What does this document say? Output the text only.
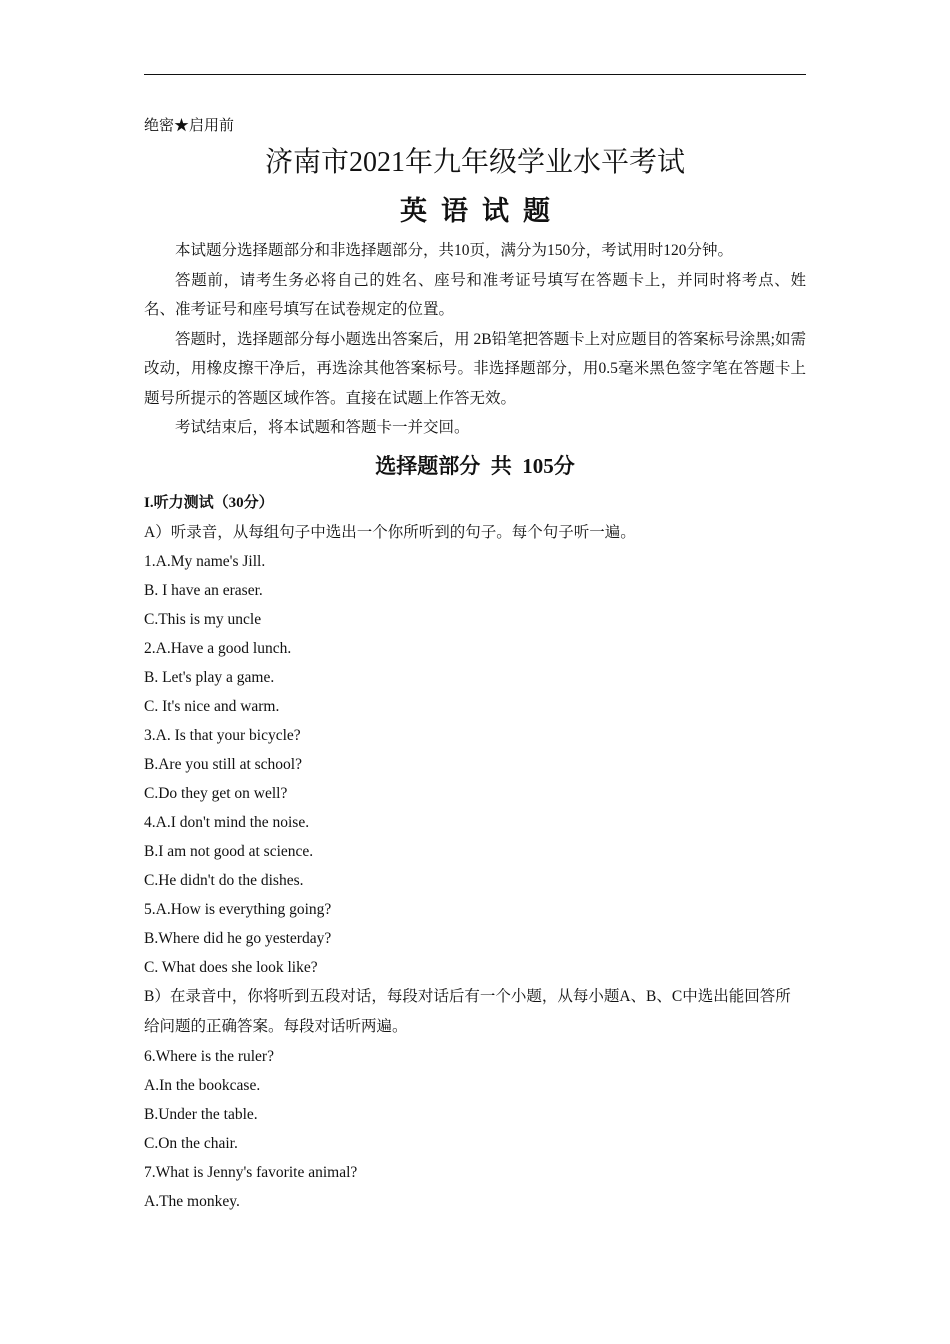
绝密★启用前
济南市2021年九年级学业水平考试
英语试题

本试题分选择题部分和非选择题部分，共10页，满分为150分，考试用时120分钟。

答题前，请考生务必将自己的姓名、座号和准考证号填写在答题卡上，并同时将考点、姓名、准考证号和座号填写在试卷规定的位置。

答题时，选择题部分每小题选出答案后，用 2B铅笔把答题卡上对应题目的答案标号涂黑;如需改动，用橡皮擦干净后，再选涂其他答案标号。非选择题部分，用0.5毫米黑色签字笔在答题卡上题号所提示的答题区域作答。直接在试题上作答无效。

考试结束后，将本试题和答题卡一并交回。

选择题部分  共  105分
I.听力测试（30分）

A）听录音，从每组句子中选出一个你所听到的句子。每个句子听一遍。

1.A.My name's Jill.

B. I have an eraser.

C.This is my uncle

2.A.Have a good lunch.

B. Let's play a game.

C. It's nice and warm.

3.A. Is that your bicycle?

B.Are you still at school?

C.Do they get on well?

4.A.I don't mind the noise.

B.I am not good at science.

C.He didn't do the dishes.

5.A.How is everything going?

B.Where did he go yesterday?

C. What does she look like?

B）在录音中，你将听到五段对话，每段对话后有一个小题，从每小题A、B、C中选出能回答所给问题的正确答案。每段对话听两遍。

6.Where is the ruler?

A.In the bookcase.

B.Under the table.

C.On the chair.

7.What is Jenny's favorite animal?

A.The monkey.
